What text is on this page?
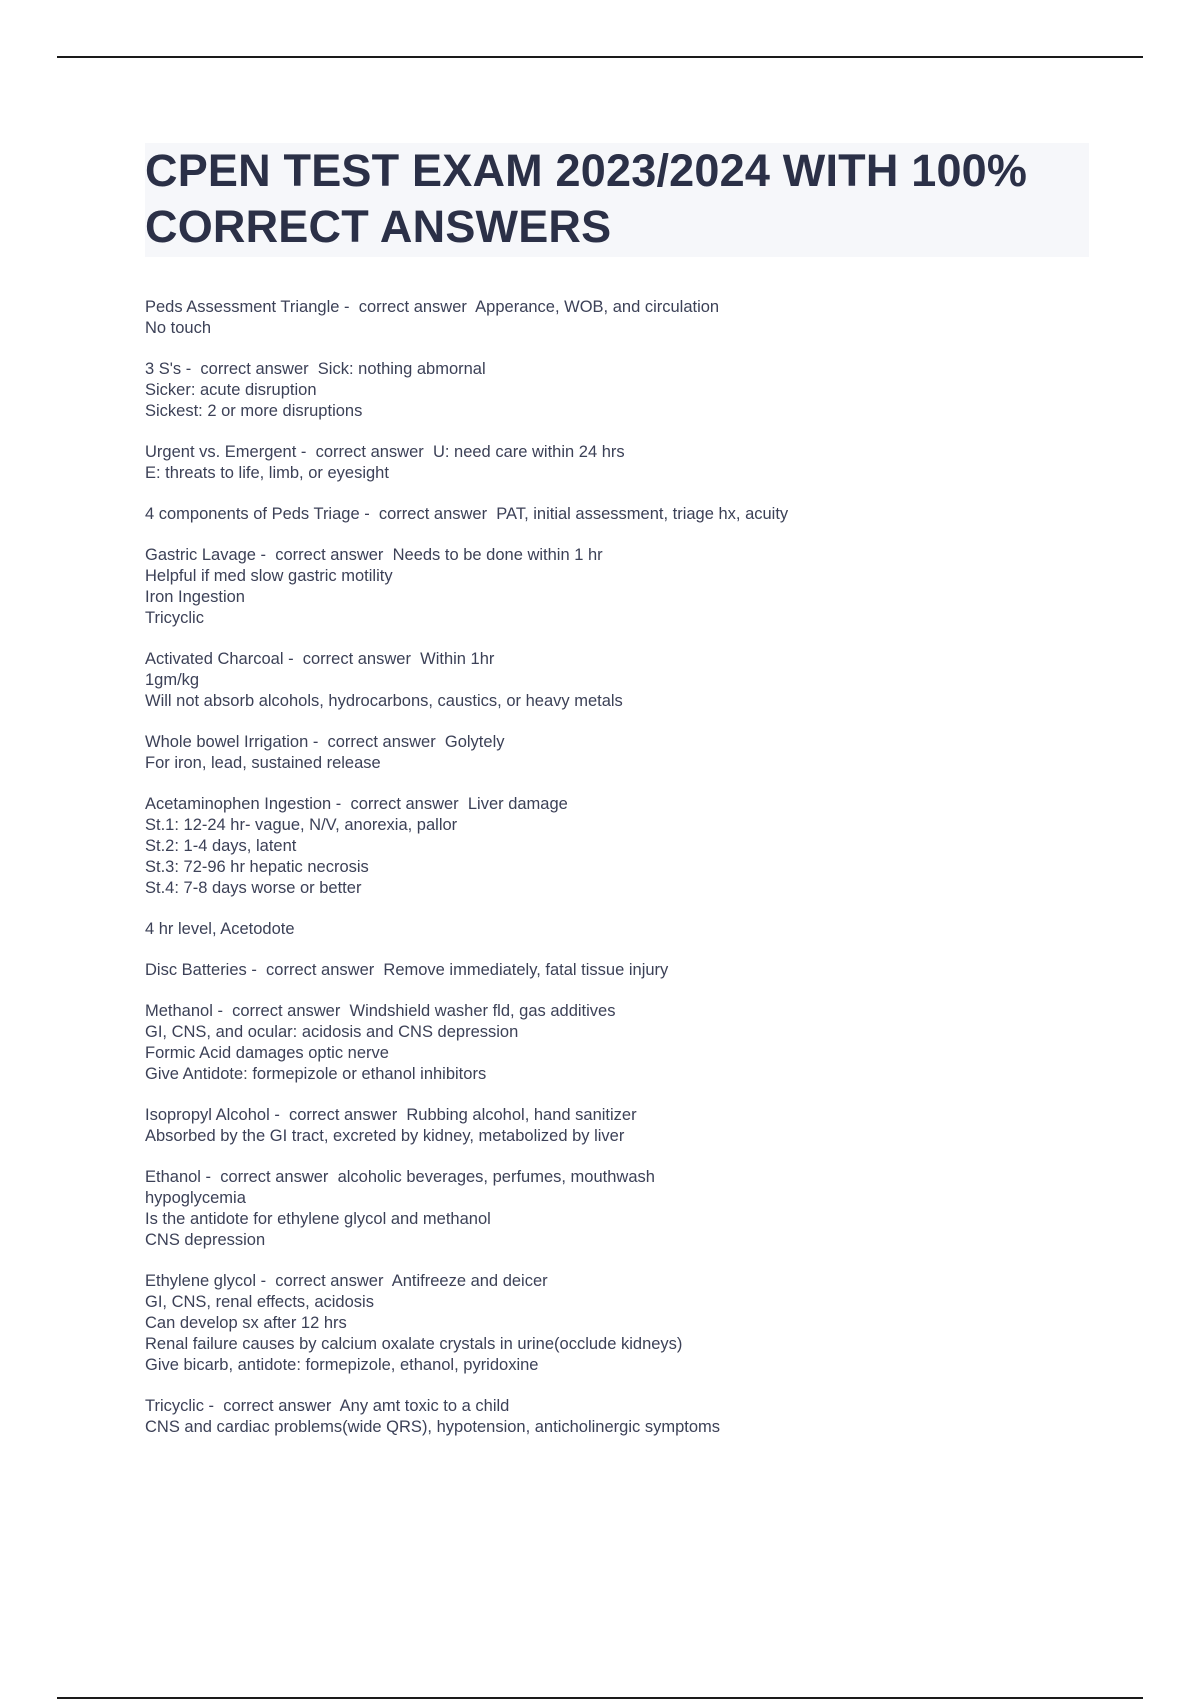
CPEN TEST EXAM 2023/2024 WITH 100%
CORRECT ANSWERS
Peds Assessment Triangle -  correct answer  Apperance, WOB, and circulation
No touch
3 S's -  correct answer  Sick: nothing abmornal
Sicker: acute disruption
Sickest: 2 or more disruptions
Urgent vs. Emergent -  correct answer  U: need care within 24 hrs
E: threats to life, limb, or eyesight
4 components of Peds Triage -  correct answer  PAT, initial assessment, triage hx, acuity
Gastric Lavage -  correct answer  Needs to be done within 1 hr
Helpful if med slow gastric motility
Iron Ingestion
Tricyclic
Activated Charcoal -  correct answer  Within 1hr
1gm/kg
Will not absorb alcohols, hydrocarbons, caustics, or heavy metals
Whole bowel Irrigation -  correct answer  Golytely
For iron, lead, sustained release
Acetaminophen Ingestion -  correct answer  Liver damage
St.1: 12-24 hr- vague, N/V, anorexia, pallor
St.2: 1-4 days, latent
St.3: 72-96 hr hepatic necrosis
St.4: 7-8 days worse or better
4 hr level, Acetodote
Disc Batteries -  correct answer  Remove immediately, fatal tissue injury
Methanol -  correct answer  Windshield washer fld, gas additives
GI, CNS, and ocular: acidosis and CNS depression
Formic Acid damages optic nerve
Give Antidote: formepizole or ethanol inhibitors
Isopropyl Alcohol -  correct answer  Rubbing alcohol, hand sanitizer
Absorbed by the GI tract, excreted by kidney, metabolized by liver
Ethanol -  correct answer  alcoholic beverages, perfumes, mouthwash
hypoglycemia
Is the antidote for ethylene glycol and methanol
CNS depression
Ethylene glycol -  correct answer  Antifreeze and deicer
GI, CNS, renal effects, acidosis
Can develop sx after 12 hrs
Renal failure causes by calcium oxalate crystals in urine(occlude kidneys)
Give bicarb, antidote: formepizole, ethanol, pyridoxine
Tricyclic -  correct answer  Any amt toxic to a child
CNS and cardiac problems(wide QRS), hypotension, anticholinergic symptoms
